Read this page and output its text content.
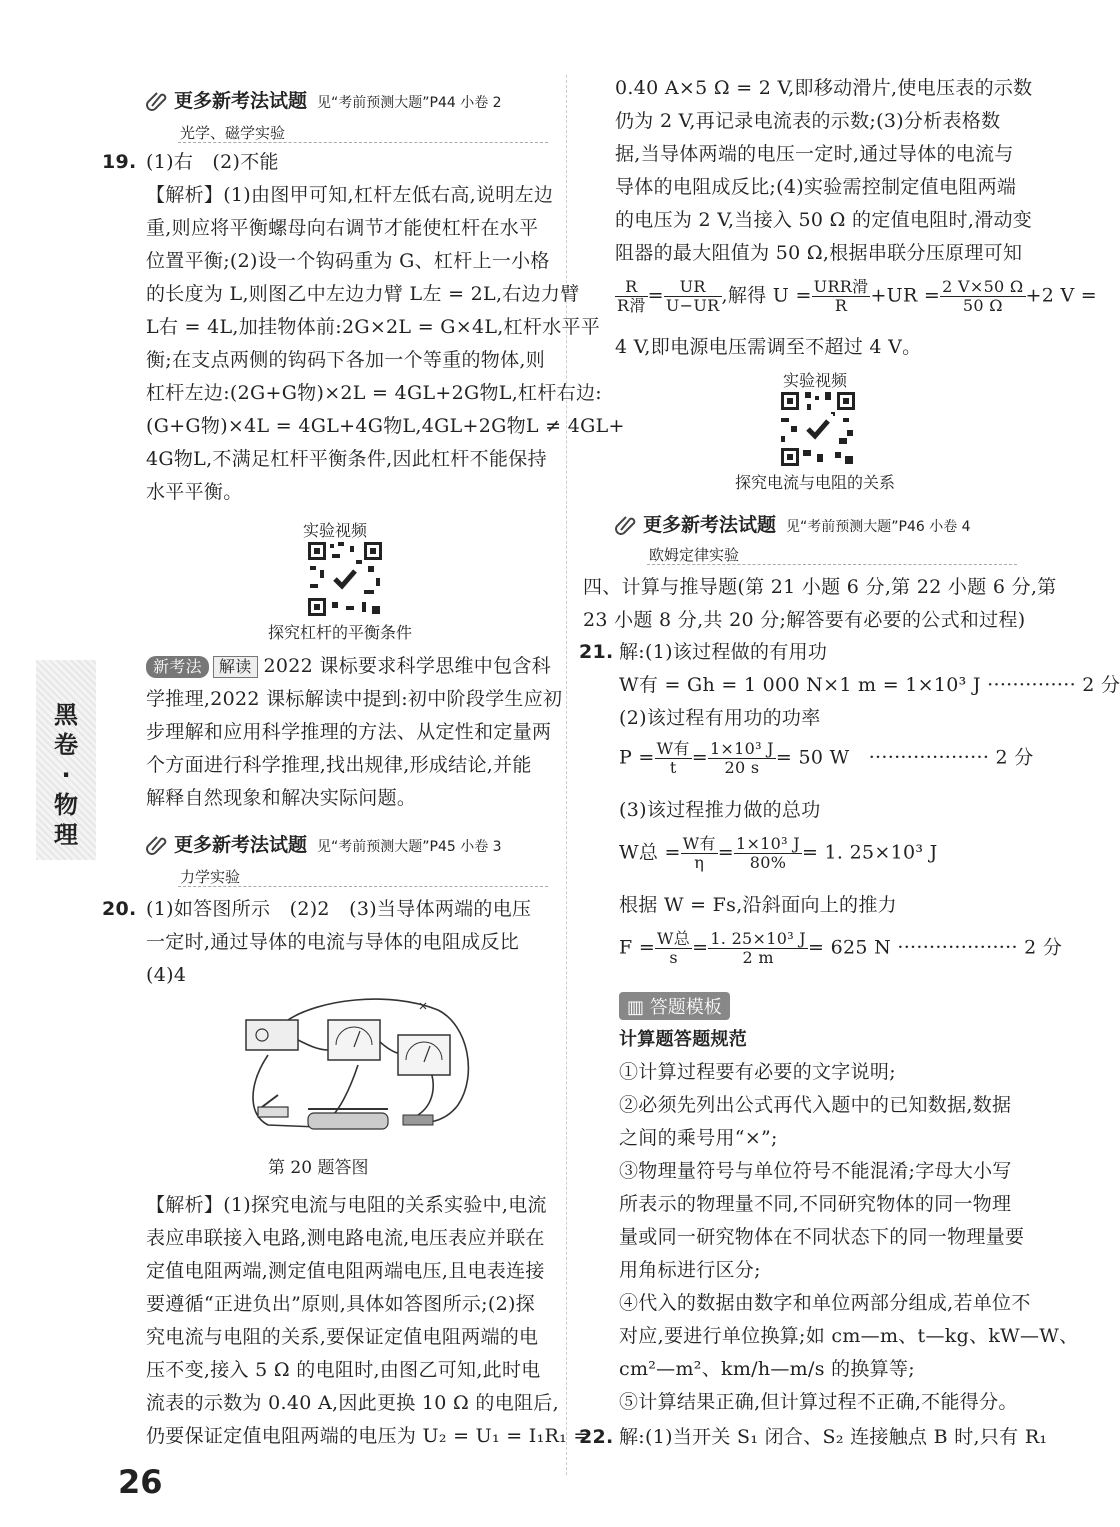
黑
卷
·
物
理
更多新考法试题 见“考前预测大题”P44 小卷 2
光学、磁学实验
19. (1)右　(2)不能
【解析】(1)由图甲可知,杠杆左低右高,说明左边
重,则应将平衡螺母向右调节才能使杠杆在水平
位置平衡;(2)设一个钩码重为 G、杠杆上一小格
的长度为 L,则图乙中左边力臂 L左 = 2L,右边力臂
L右 = 4L,加挂物体前:2G×2L = G×4L,杠杆水平平
衡;在支点两侧的钩码下各加一个等重的物体,则
杠杆左边:(2G+G物)×2L = 4GL+2G物L,杠杆右边:
(G+G物)×4L = 4GL+4G物L,4GL+2G物L ≠ 4GL+
4G物L,不满足杠杆平衡条件,因此杠杆不能保持
水平平衡。
实验视频
探究杠杆的平衡条件
新考法 解读 2022 课标要求科学思维中包含科
学推理,2022 课标解读中提到:初中阶段学生应初
步理解和应用科学推理的方法、从定性和定量两
个方面进行科学推理,找出规律,形成结论,并能
解释自然现象和解决实际问题。
更多新考法试题 见“考前预测大题”P45 小卷 3
力学实验
20. (1)如答图所示　(2)2　(3)当导体两端的电压
一定时,通过导体的电流与导体的电阻成反比
(4)4
第 20 题答图
【解析】(1)探究电流与电阻的关系实验中,电流
表应串联接入电路,测电路电流,电压表应并联在
定值电阻两端,测定值电阻两端电压,且电表连接
要遵循“正进负出”原则,具体如答图所示;(2)探
究电流与电阻的关系,要保证定值电阻两端的电
压不变,接入 5 Ω 的电阻时,由图乙可知,此时电
流表的示数为 0.40 A,因此更换 10 Ω 的电阻后,
仍要保证定值电阻两端的电压为 U₂ = U₁ = I₁R₁ =
26
0.40 A×5 Ω = 2 V,即移动滑片,使电压表的示数
仍为 2 V,再记录电流表的示数;(3)分析表格数
据,当导体两端的电压一定时,通过导体的电流与
导体的电阻成反比;(4)实验需控制定值电阻两端
的电压为 2 V,当接入 50 Ω 的定值电阻时,滑动变
阻器的最大阻值为 50 Ω,根据串联分压原理可知
$\frac{R}{\text{R滑}} = \frac{UR}{U-UR}$ ,解得 $U = \frac{\text{URR滑}}{R} +UR = \frac{2 V\times 50 \Omega}{50 \Omega} +2$ V =
4 V,即电源电压需调至不超过 4 V。
实验视频
探究电流与电阻的关系
更多新考法试题 见“考前预测大题”P46 小卷 4
欧姆定律实验
四、计算与推导题(第 21 小题 6 分,第 22 小题 6 分,第
23 小题 8 分,共 20 分;解答要有必要的公式和过程)
21. 解:(1)该过程做的有用功
W有 = Gh = 1 000 N×1 m = 1×10³ J ·············· 2 分
(2)该过程有用功的功率
$P = \frac{\text{W有}}{t} = \frac{\text{1×10³ J}}{20 s} = 50$ W　··················· 2 分
(3)该过程推力做的总功
W总 = $\frac{\text{W有}}{\eta} = \frac{\text{1×10³ J}}{80\%} = 1$. 25×10³ J
根据 W = Fs,沿斜面向上的推力
$F = \frac{\text{W总}}{s} = \frac{\text{1. 25×10³ J}}{2 m} = 625$ N ··················· 2 分
▥ 答题模板
计算题答题规范
①计算过程要有必要的文字说明;
②必须先列出公式再代入题中的已知数据,数据
之间的乘号用“×”;
③物理量符号与单位符号不能混淆;字母大小写
所表示的物理量不同,不同研究物体的同一物理
量或同一研究物体在不同状态下的同一物理量要
用角标进行区分;
④代入的数据由数字和单位两部分组成,若单位不
对应,要进行单位换算;如 cm—m、t—kg、kW—W、
cm²—m²、km/h—m/s 的换算等;
⑤计算结果正确,但计算过程不正确,不能得分。
22. 解:(1)当开关 S₁ 闭合、S₂ 连接触点 B 时,只有 R₁
